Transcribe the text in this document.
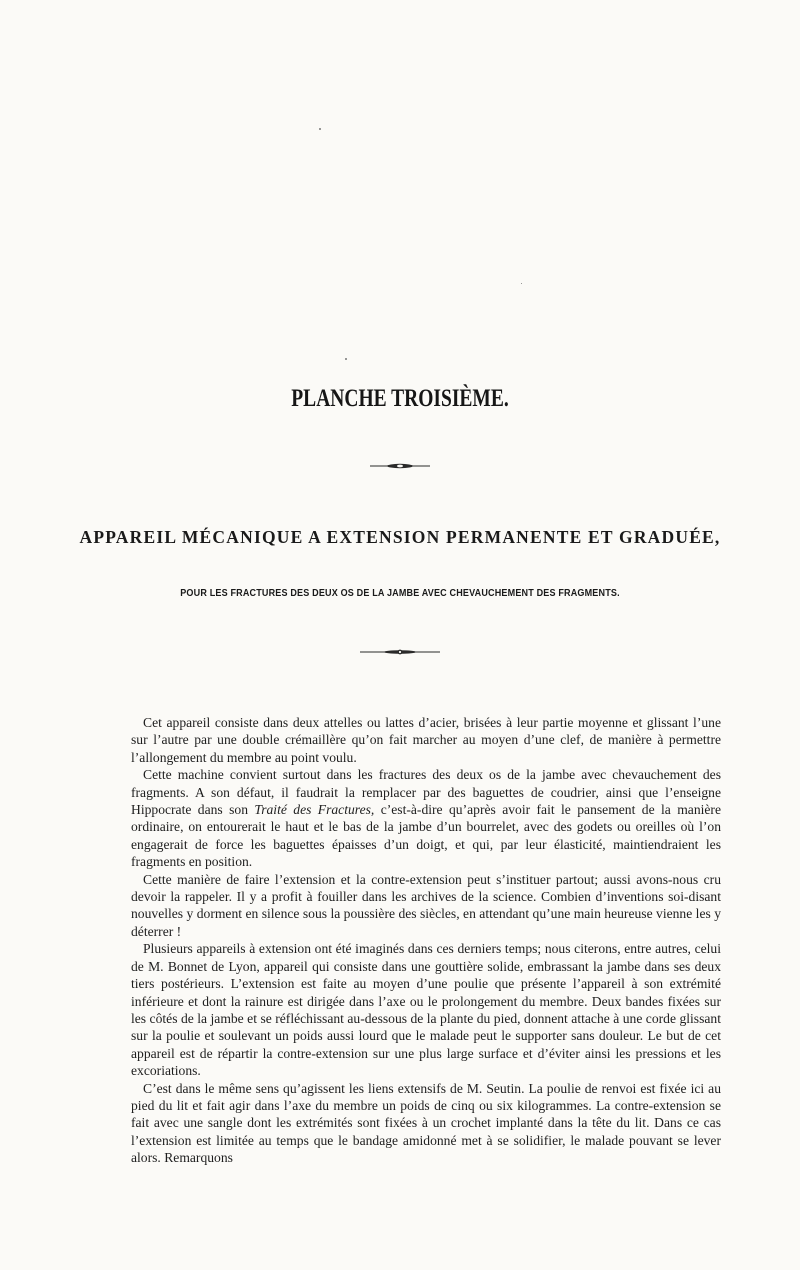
PLANCHE TROISIÈME.
APPAREIL MÉCANIQUE A EXTENSION PERMANENTE ET GRADUÉE,
POUR LES FRACTURES DES DEUX OS DE LA JAMBE AVEC CHEVAUCHEMENT DES FRAGMENTS.

Cet appareil consiste dans deux attelles ou lattes d’acier, brisées à leur partie moyenne et glissant l’une sur l’autre par une double crémaillère qu’on fait marcher au moyen d’une clef, de manière à permettre l’allongement du membre au point voulu.

Cette machine convient surtout dans les fractures des deux os de la jambe avec chevauchement des fragments. A son défaut, il faudrait la remplacer par des baguettes de coudrier, ainsi que l’enseigne Hippocrate dans son Traité des Fractures, c’est-à-dire qu’après avoir fait le pansement de la manière ordinaire, on entourerait le haut et le bas de la jambe d’un bourrelet, avec des godets ou oreilles où l’on engagerait de force les baguettes épaisses d’un doigt, et qui, par leur élasticité, maintiendraient les fragments en position.

Cette manière de faire l’extension et la contre-extension peut s’instituer partout; aussi avons-nous cru devoir la rappeler. Il y a profit à fouiller dans les archives de la science. Combien d’inventions soi-disant nouvelles y dorment en silence sous la poussière des siècles, en attendant qu’une main heureuse vienne les y déterrer !

Plusieurs appareils à extension ont été imaginés dans ces derniers temps; nous citerons, entre autres, celui de M. Bonnet de Lyon, appareil qui consiste dans une gouttière solide, embrassant la jambe dans ses deux tiers postérieurs. L’extension est faite au moyen d’une poulie que présente l’appareil à son extrémité inférieure et dont la rainure est dirigée dans l’axe ou le prolongement du membre. Deux bandes fixées sur les côtés de la jambe et se réfléchissant au-dessous de la plante du pied, donnent attache à une corde glissant sur la poulie et soulevant un poids aussi lourd que le malade peut le supporter sans douleur. Le but de cet appareil est de répartir la contre-extension sur une plus large surface et d’éviter ainsi les pressions et les excoriations.

C’est dans le même sens qu’agissent les liens extensifs de M. Seutin. La poulie de renvoi est fixée ici au pied du lit et fait agir dans l’axe du membre un poids de cinq ou six kilogrammes. La contre-extension se fait avec une sangle dont les extrémités sont fixées à un crochet implanté dans la tête du lit. Dans ce cas l’extension est limitée au temps que le bandage amidonné met à se solidifier, le malade pouvant se lever alors. Remarquons
